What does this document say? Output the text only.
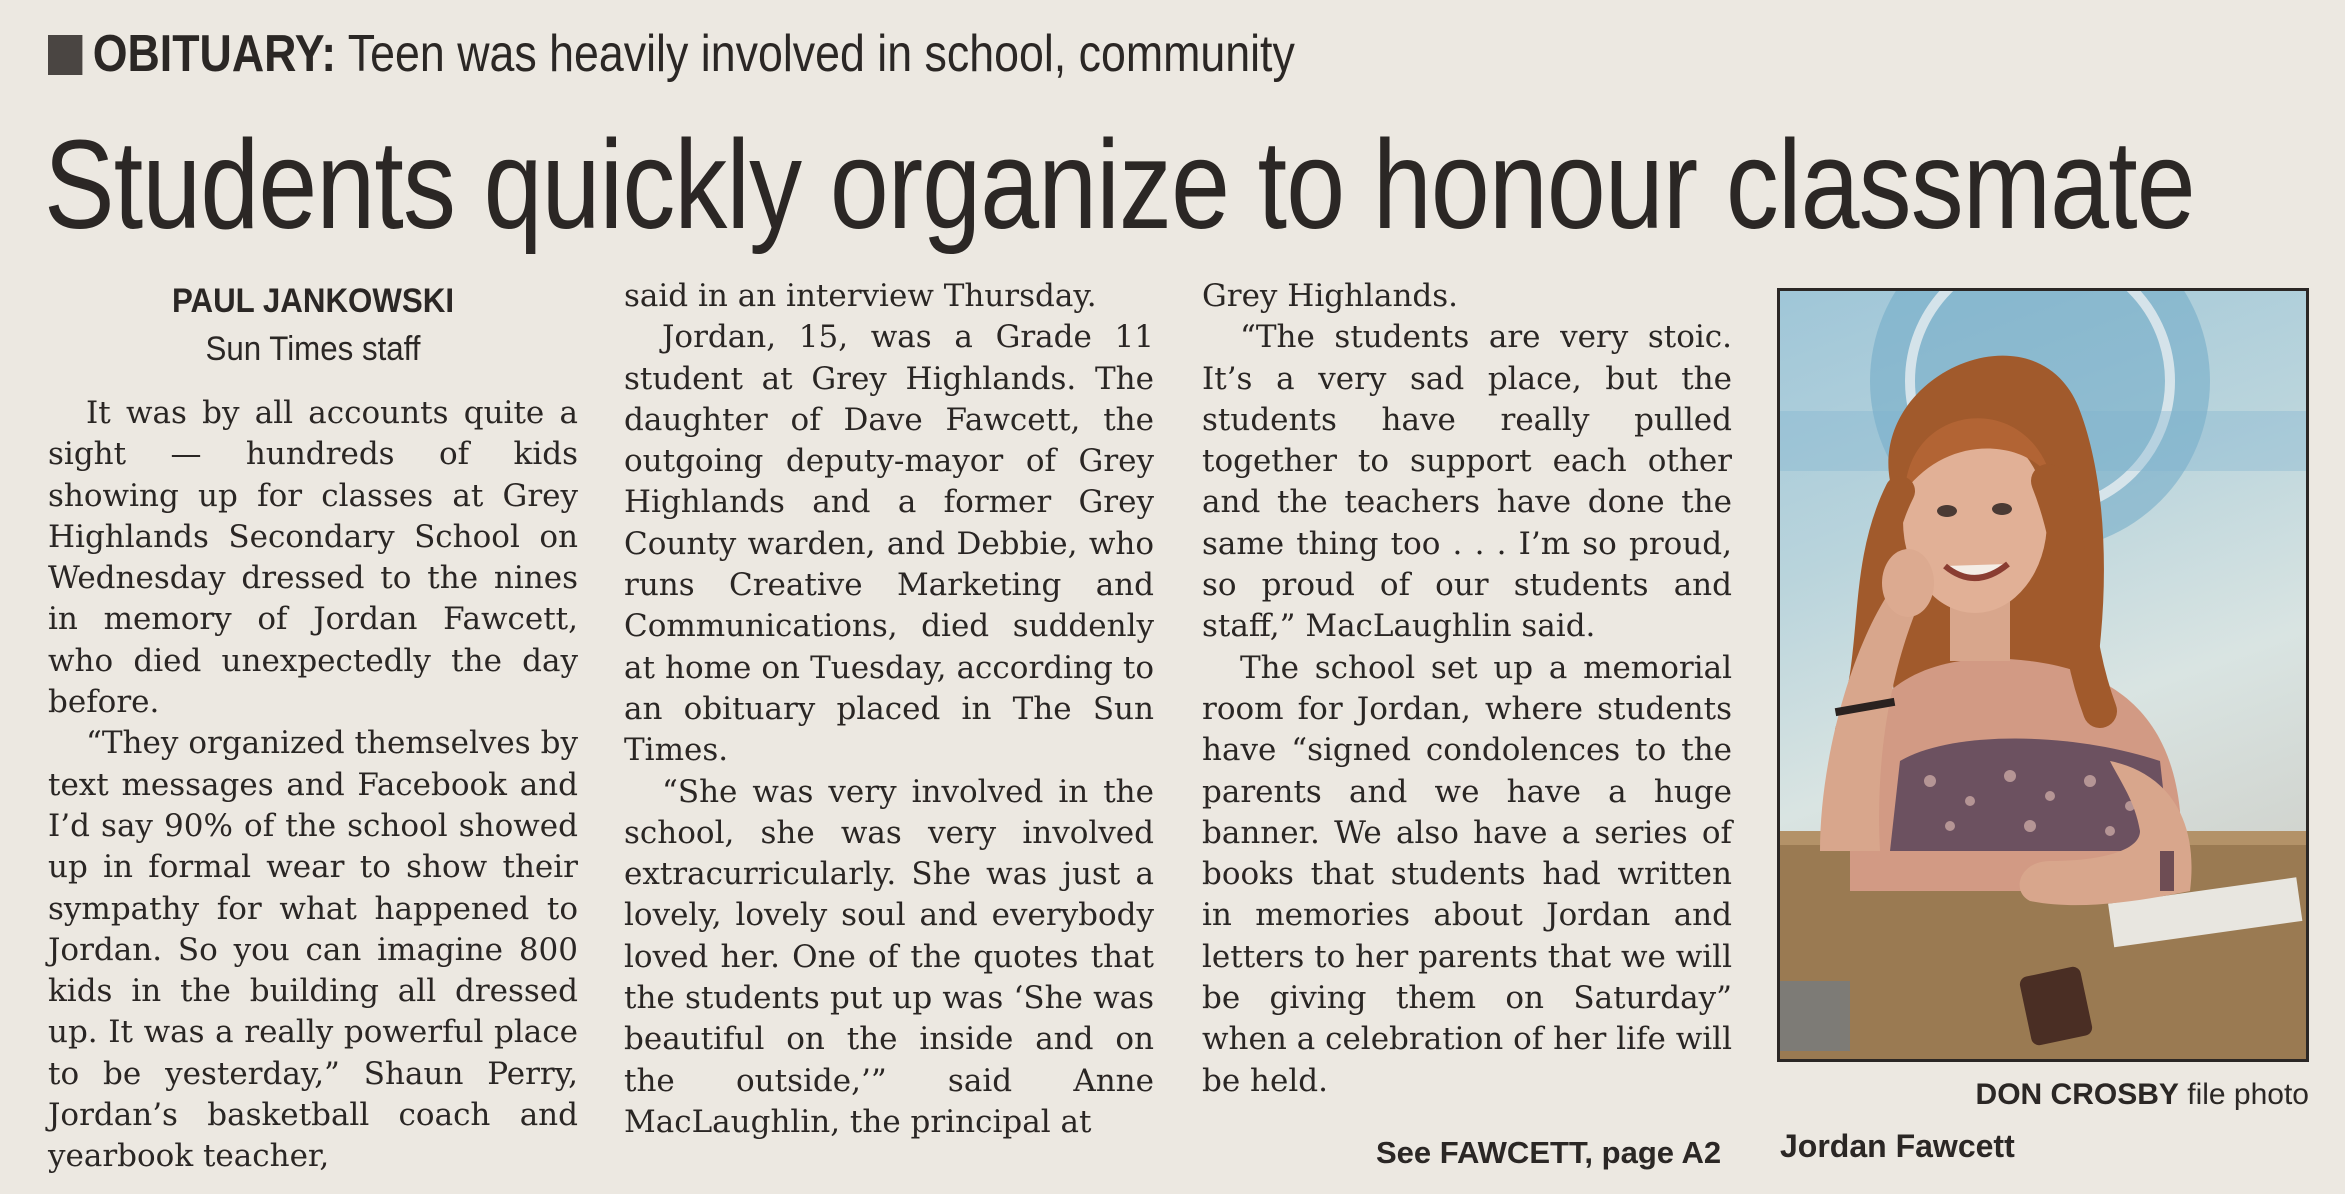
OBITUARY: Teen was heavily involved in school, community
Students quickly organize to honour classmate
PAUL JANKOWSKI
Sun Times staff

It was by all accounts quite a sight — hundreds of kids showing up for classes at Grey Highlands Secondary School on Wednesday dressed to the nines in memory of Jordan Fawcett, who died unexpectedly the day before.

“They organized themselves by text messages and Facebook and I’d say 90% of the school showed up in formal wear to show their sympathy for what happened to Jordan. So you can imagine 800 kids in the building all dressed up. It was a really powerful place to be yesterday,” Shaun Perry, Jordan’s basketball coach and yearbook teacher,

said in an interview Thursday.

Jordan, 15, was a Grade 11 student at Grey Highlands. The daughter of Dave Fawcett, the outgoing deputy-mayor of Grey Highlands and a former Grey County warden, and Debbie, who runs Creative Marketing and Communications, died suddenly at home on Tuesday, according to an obituary placed in The Sun Times.

“She was very involved in the school, she was very involved extracurricularly. She was just a lovely, lovely soul and everybody loved her. One of the quotes that the students put up was ‘She was beautiful on the inside and on the outside,’” said Anne MacLaughlin, the principal at

Grey Highlands.

“The students are very stoic. It’s a very sad place, but the students have really pulled together to support each other and the teachers have done the same thing too . . . I’m so proud, so proud of our students and staff,” MacLaughlin said.

The school set up a memorial room for Jordan, where students have “signed condolences to the parents and we have a huge banner. We also have a series of books that students had written in memories about Jordan and letters to her parents that we will be giving them on Saturday” when a celebration of her life will be held.

See FAWCETT, page A2
DON CROSBY file photo
Jordan Fawcett
